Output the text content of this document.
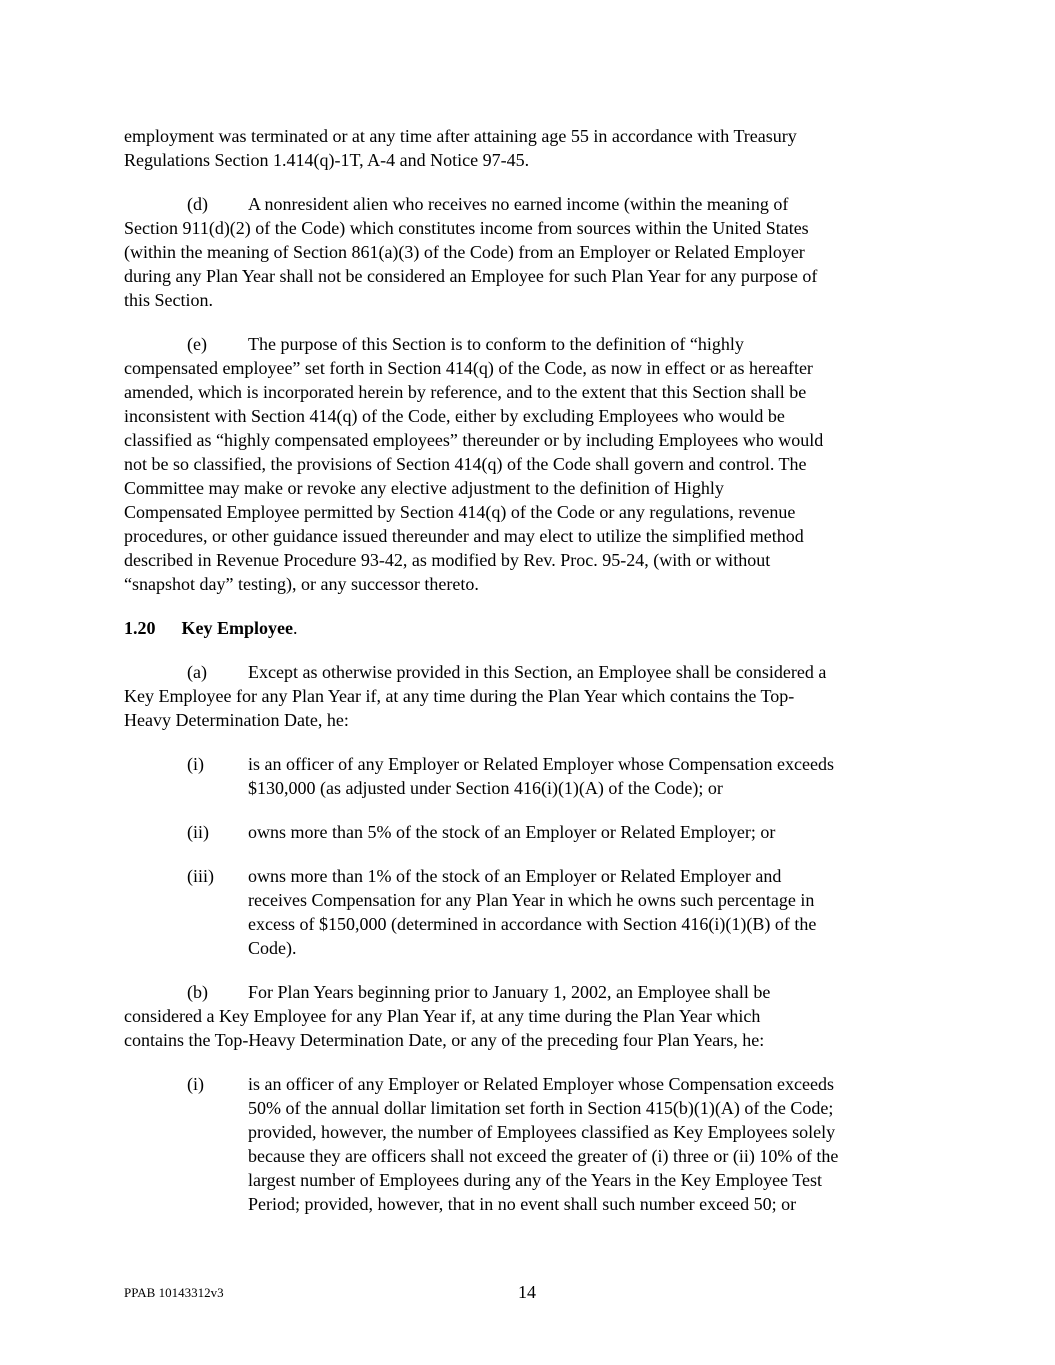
employment was terminated or at any time after attaining age 55 in accordance with Treasury
Regulations Section 1.414(q)-1T, A-4 and Notice 97-45.
(d) A nonresident alien who receives no earned income (within the meaning of
Section 911(d)(2) of the Code) which constitutes income from sources within the United States
(within the meaning of Section 861(a)(3) of the Code) from an Employer or Related Employer
during any Plan Year shall not be considered an Employee for such Plan Year for any purpose of
this Section.
(e) The purpose of this Section is to conform to the definition of “highly
compensated employee” set forth in Section 414(q) of the Code, as now in effect or as hereafter
amended, which is incorporated herein by reference, and to the extent that this Section shall be
inconsistent with Section 414(q) of the Code, either by excluding Employees who would be
classified as “highly compensated employees” thereunder or by including Employees who would
not be so classified, the provisions of Section 414(q) of the Code shall govern and control. The
Committee may make or revoke any elective adjustment to the definition of Highly
Compensated Employee permitted by Section 414(q) of the Code or any regulations, revenue
procedures, or other guidance issued thereunder and may elect to utilize the simplified method
described in Revenue Procedure 93-42, as modified by Rev. Proc. 95-24, (with or without
“snapshot day” testing), or any successor thereto.
1.20 Key Employee.
(a) Except as otherwise provided in this Section, an Employee shall be considered a
Key Employee for any Plan Year if, at any time during the Plan Year which contains the Top-
Heavy Determination Date, he:
(i) is an officer of any Employer or Related Employer whose Compensation exceeds
$130,000 (as adjusted under Section 416(i)(1)(A) of the Code); or
(ii) owns more than 5% of the stock of an Employer or Related Employer; or
(iii) owns more than 1% of the stock of an Employer or Related Employer and
receives Compensation for any Plan Year in which he owns such percentage in
excess of $150,000 (determined in accordance with Section 416(i)(1)(B) of the
Code).
(b) For Plan Years beginning prior to January 1, 2002, an Employee shall be
considered a Key Employee for any Plan Year if, at any time during the Plan Year which
contains the Top-Heavy Determination Date, or any of the preceding four Plan Years, he:
(i) is an officer of any Employer or Related Employer whose Compensation exceeds
50% of the annual dollar limitation set forth in Section 415(b)(1)(A) of the Code;
provided, however, the number of Employees classified as Key Employees solely
because they are officers shall not exceed the greater of (i) three or (ii) 10% of the
largest number of Employees during any of the Years in the Key Employee Test
Period; provided, however, that in no event shall such number exceed 50; or
PPAB 10143312v3	14
